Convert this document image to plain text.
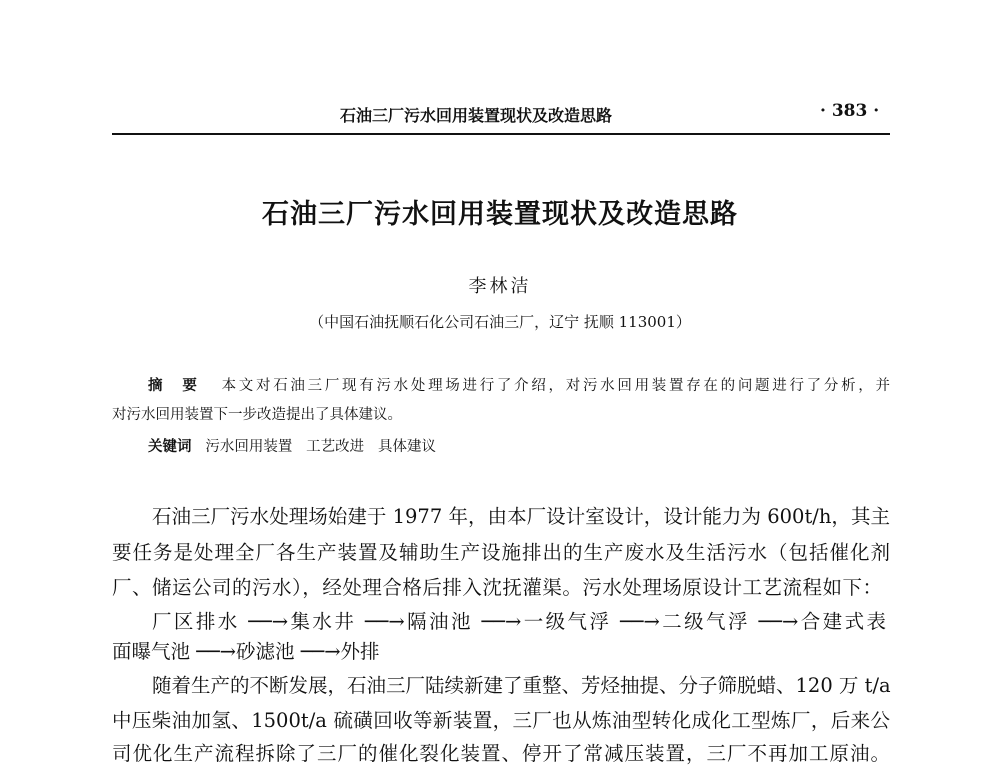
石油三厂污水回用装置现状及改造思路	· 383 ·
石油三厂污水回用装置现状及改造思路
李林洁
（中国石油抚顺石化公司石油三厂，辽宁 抚顺 113001）
摘　要 本文对石油三厂现有污水处理场进行了介绍，对污水回用装置存在的问题进行了分析，并
对污水回用装置下一步改造提出了具体建议。
关键词 污水回用装置 工艺改进 具体建议
石油三厂污水处理场始建于 1977 年，由本厂设计室设计，设计能力为 600t/h，其主
要任务是处理全厂各生产装置及辅助生产设施排出的生产废水及生活污水（包括催化剂
厂、储运公司的污水），经处理合格后排入沈抚灌渠。污水处理场原设计工艺流程如下：
厂区排水 ──→集水井 ──→隔油池 ──→一级气浮 ──→二级气浮 ──→合建式表
面曝气池 ──→砂滤池 ──→外排
随着生产的不断发展，石油三厂陆续新建了重整、芳烃抽提、分子筛脱蜡、120 万 t/a
中压柴油加氢、1500t/a 硫磺回收等新装置，三厂也从炼油型转化成化工型炼厂，后来公
司优化生产流程拆除了三厂的催化裂化装置、停开了常减压装置，三厂不再加工原油。
